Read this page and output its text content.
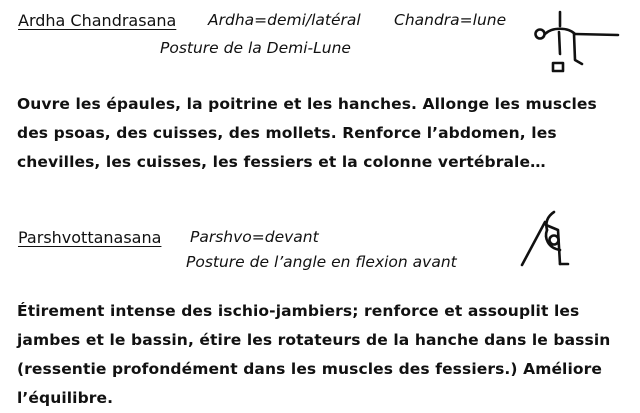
Ardha Chandrasana Ardha=demi/latéral Chandra=lune
Posture de la Demi-Lune
Ouvre les épaules, la poitrine et les hanches. Allonge les muscles
des psoas, des cuisses, des mollets. Renforce l’abdomen, les
chevilles, les cuisses, les fessiers et la colonne vertébrale…
Parshvottanasana Parshvo=devant
Posture de l’angle en flexion avant
Étirement intense des ischio-jambiers; renforce et assouplit les
jambes et le bassin, étire les rotateurs de la hanche dans le bassin
(ressentie profondément dans les muscles des fessiers.) Améliore
l’équilibre.
